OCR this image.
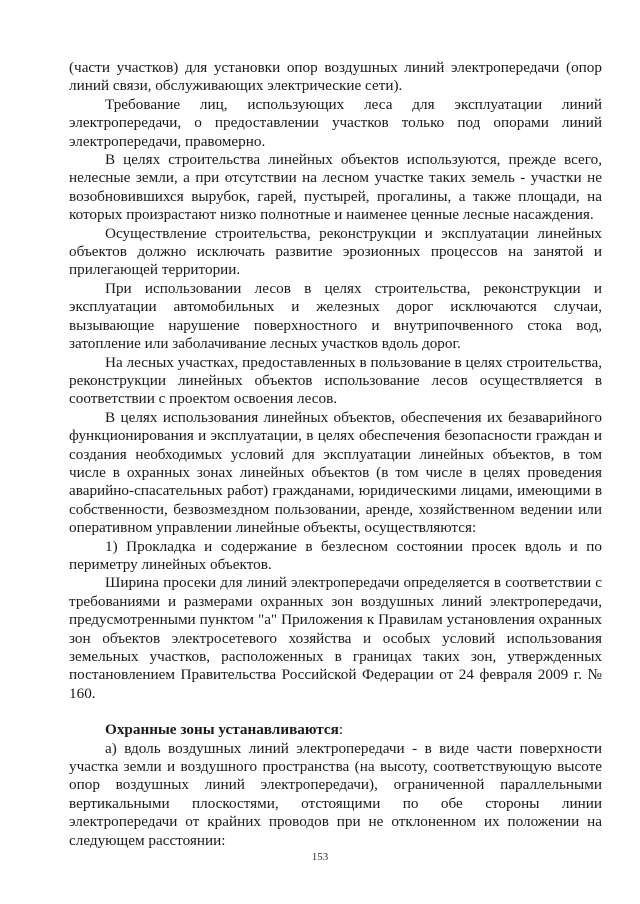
(части участков) для установки опор воздушных линий электропередачи (опор линий связи, обслуживающих электрические сети).

Требование лиц, использующих леса для эксплуатации линий электропередачи, о предоставлении участков только под опорами линий электропередачи, правомерно.

В целях строительства линейных объектов используются, прежде всего, нелесные земли, а при отсутствии на лесном участке таких земель - участки не возобновившихся вырубок, гарей, пустырей, прогалины, а также площади, на которых произрастают низко полнотные и наименее ценные лесные насаждения.

Осуществление строительства, реконструкции и эксплуатации линейных объектов должно исключать развитие эрозионных процессов на занятой и прилегающей территории.

При использовании лесов в целях строительства, реконструкции и эксплуатации автомобильных и железных дорог исключаются случаи, вызывающие нарушение поверхностного и внутрипочвенного стока вод, затопление или заболачивание лесных участков вдоль дорог.

На лесных участках, предоставленных в пользование в целях строительства, реконструкции линейных объектов использование лесов осуществляется в соответствии с проектом освоения лесов.

В целях использования линейных объектов, обеспечения их безаварийного функционирования и эксплуатации, в целях обеспечения безопасности граждан и создания необходимых условий для эксплуатации линейных объектов, в том числе в охранных зонах линейных объектов (в том числе в целях проведения аварийно-спасательных работ) гражданами, юридическими лицами, имеющими в собственности, безвозмездном пользовании, аренде, хозяйственном ведении или оперативном управлении линейные объекты, осуществляются:

1) Прокладка и содержание в безлесном состоянии просек вдоль и по периметру линейных объектов.

Ширина просеки для линий электропередачи определяется в соответствии с требованиями и размерами охранных зон воздушных линий электропередачи, предусмотренными пунктом "а" Приложения к Правилам установления охранных зон объектов электросетевого хозяйства и особых условий использования земельных участков, расположенных в границах таких зон, утвержденных постановлением Правительства Российской Федерации от 24 февраля 2009 г. № 160.

Охранные зоны устанавливаются:

а) вдоль воздушных линий электропередачи - в виде части поверхности участка земли и воздушного пространства (на высоту, соответствующую высоте опор воздушных линий электропередачи), ограниченной параллельными вертикальными плоскостями, отстоящими по обе стороны линии электропередачи от крайних проводов при не отклоненном их положении на следующем расстоянии:

153
